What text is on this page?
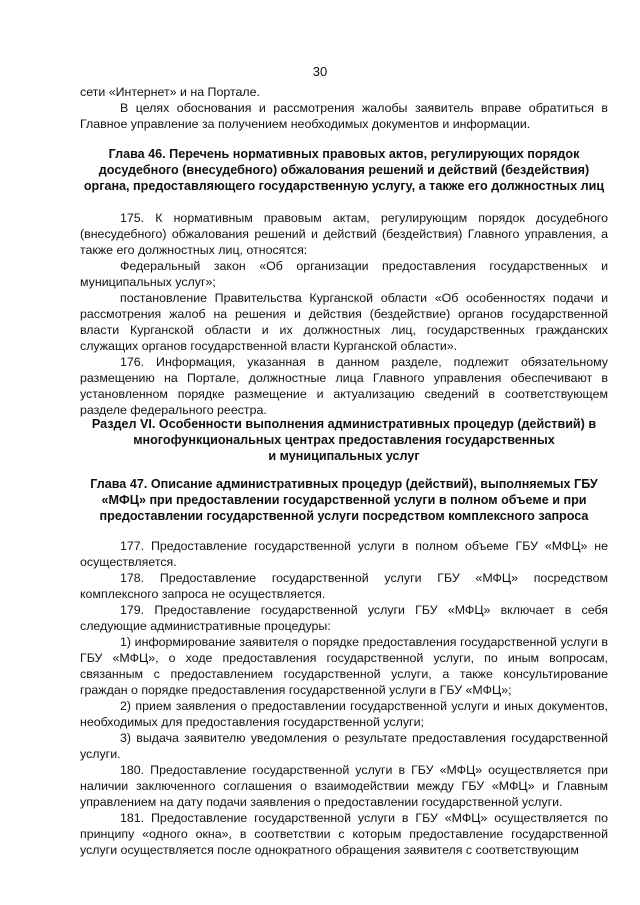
30

сети «Интернет» и на Портале.

В целях обоснования и рассмотрения жалобы заявитель вправе обратиться в Главное управление за получением необходимых документов и информации.

Глава 46. Перечень нормативных правовых актов, регулирующих порядок
досудебного (внесудебного) обжалования решений и действий (бездействия)
органа, предоставляющего государственную услугу, а также его должностных лиц

175. К нормативным правовым актам, регулирующим порядок досудебного (внесудебного) обжалования решений и действий (бездействия) Главного управления, а также его должностных лиц, относятся:

Федеральный закон «Об организации предоставления государственных и муниципальных услуг»;

постановление Правительства Курганской области «Об особенностях подачи и рассмотрения жалоб на решения и действия (бездействие) органов государственной власти Курганской области и их должностных лиц, государственных гражданских служащих органов государственной власти Курганской области».

176. Информация, указанная в данном разделе, подлежит обязательному размещению на Портале, должностные лица Главного управления обеспечивают в установленном порядке размещение и актуализацию сведений в соответствующем разделе федерального реестра.

Раздел VI. Особенности выполнения административных процедур (действий) в
многофункциональных центрах предоставления государственных
и муниципальных услуг
Глава 47. Описание административных процедур (действий), выполняемых ГБУ
«МФЦ» при предоставлении государственной услуги в полном объеме и при
предоставлении государственной услуги посредством комплексного запроса

177. Предоставление государственной услуги в полном объеме ГБУ «МФЦ» не осуществляется.

178. Предоставление государственной услуги ГБУ «МФЦ» посредством комплексного запроса не осуществляется.

179. Предоставление государственной услуги ГБУ «МФЦ» включает в себя следующие административные процедуры:

1) информирование заявителя о порядке предоставления государственной услуги в ГБУ «МФЦ», о ходе предоставления государственной услуги, по иным вопросам, связанным с предоставлением государственной услуги, а также консультирование граждан о порядке предоставления государственной услуги в ГБУ «МФЦ»;

2) прием заявления о предоставлении государственной услуги и иных документов, необходимых для предоставления государственной услуги;

3) выдача заявителю уведомления о результате предоставления государственной услуги.

180. Предоставление государственной услуги в ГБУ «МФЦ» осуществляется при наличии заключенного соглашения о взаимодействии между ГБУ «МФЦ» и Главным управлением на дату подачи заявления о предоставлении государственной услуги.

181. Предоставление государственной услуги в ГБУ «МФЦ» осуществляется по принципу «одного окна», в соответствии с которым предоставление государственной услуги осуществляется после однократного обращения заявителя с соответствующим
